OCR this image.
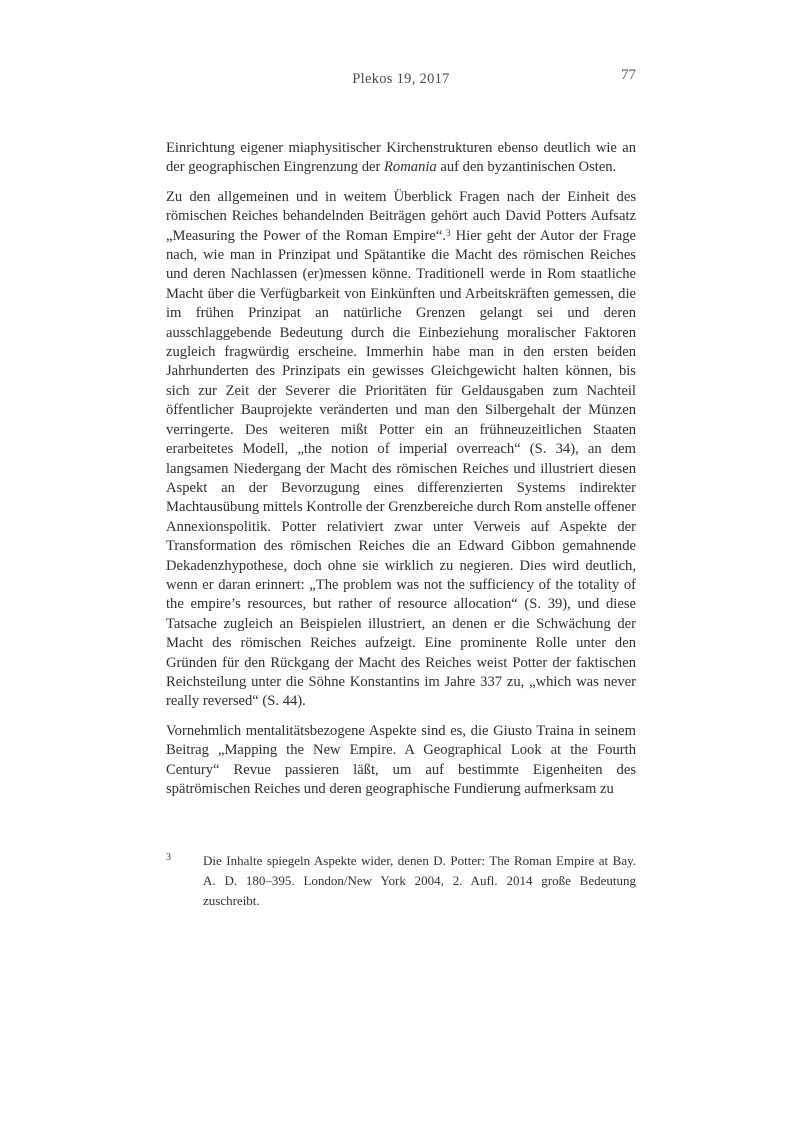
Plekos 19, 2017	77

Einrichtung eigener miaphysitischer Kirchenstrukturen ebenso deutlich wie an der geographischen Eingrenzung der Romania auf den byzantinischen Osten.

Zu den allgemeinen und in weitem Überblick Fragen nach der Einheit des römischen Reiches behandelnden Beiträgen gehört auch David Potters Aufsatz „Measuring the Power of the Roman Empire“.$^3$ Hier geht der Autor der Frage nach, wie man in Prinzipat und Spätantike die Macht des römischen Reiches und deren Nachlassen (er)messen könne. Traditionell werde in Rom staatliche Macht über die Verfügbarkeit von Einkünften und Arbeitskräften gemessen, die im frühen Prinzipat an natürliche Grenzen gelangt sei und deren ausschlaggebende Bedeutung durch die Einbeziehung moralischer Faktoren zugleich fragwürdig erscheine. Immerhin habe man in den ersten beiden Jahrhunderten des Prinzipats ein gewisses Gleichgewicht halten können, bis sich zur Zeit der Severer die Prioritäten für Geldausgaben zum Nachteil öffentlicher Bauprojekte veränderten und man den Silbergehalt der Münzen verringerte. Des weiteren mißt Potter ein an frühneuzeitlichen Staaten erarbeitetes Modell, „the notion of imperial overreach“ (S. 34), an dem langsamen Niedergang der Macht des römischen Reiches und illustriert diesen Aspekt an der Bevorzugung eines differenzierten Systems indirekter Machtausübung mittels Kontrolle der Grenzbereiche durch Rom anstelle offener Annexionspolitik. Potter relativiert zwar unter Verweis auf Aspekte der Transformation des römischen Reiches die an Edward Gibbon gemahnende Dekadenzhypothese, doch ohne sie wirklich zu negieren. Dies wird deutlich, wenn er daran erinnert: „The problem was not the sufficiency of the totality of the empire’s resources, but rather of resource allocation“ (S. 39), und diese Tatsache zugleich an Beispielen illustriert, an denen er die Schwächung der Macht des römischen Reiches aufzeigt. Eine prominente Rolle unter den Gründen für den Rückgang der Macht des Reiches weist Potter der faktischen Reichsteilung unter die Söhne Konstantins im Jahre 337 zu, „which was never really reversed“ (S. 44).

Vornehmlich mentalitätsbezogene Aspekte sind es, die Giusto Traina in seinem Beitrag „Mapping the New Empire. A Geographical Look at the Fourth Century“ Revue passieren läßt, um auf bestimmte Eigenheiten des spätrömischen Reiches und deren geographische Fundierung aufmerksam zu

3	Die Inhalte spiegeln Aspekte wider, denen D. Potter: The Roman Empire at Bay. A. D. 180–395. London/New York 2004, 2. Aufl. 2014 große Bedeutung zuschreibt.
